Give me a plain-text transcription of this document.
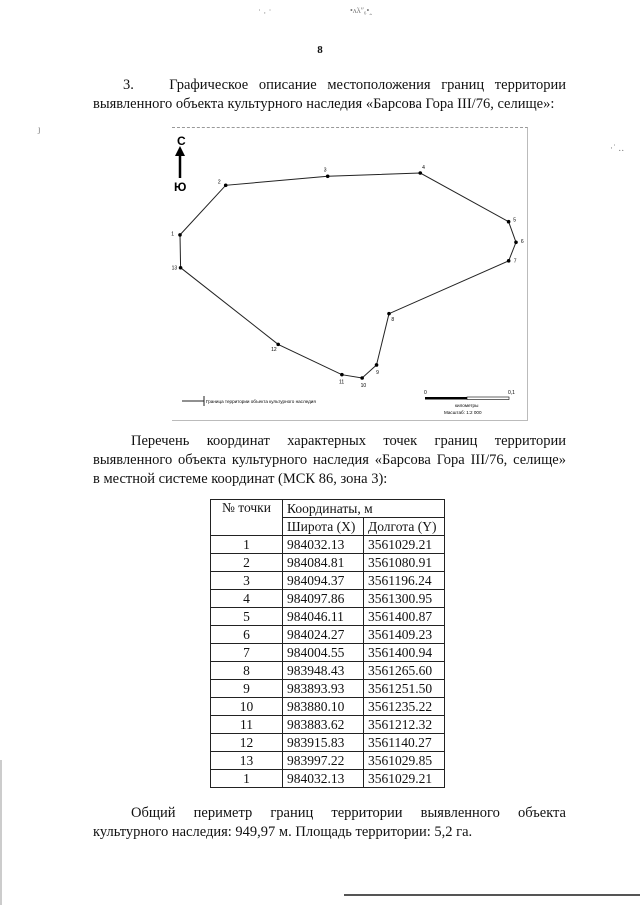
˙ · ˙	•ʌ̃ʌʺ₆•ꞈ
ȷ
·˙ ‥
8
3. Графическое описание местоположения границ территории
выявленного объекта культурного наследия «Барсова Гора III/76, селище»:
С
Ю
1
2
3	4
5
6
7
8
9
10
11
12
13
Граница территории объекта культурного наследия
0	0,1
километры
Масштаб: 1:2 000
Перечень координат характерных точек границ территории
выявленного объекта культурного наследия «Барсова Гора III/76, селище»
в местной системе координат (МСК 86, зона 3):
№ точки	Координаты, м	
	Широта (X)	Долгота (Y)
1	984032.13	3561029.21
2	984084.81	3561080.91
3	984094.37	3561196.24
4	984097.86	3561300.95
5	984046.11	3561400.87
6	984024.27	3561409.23
7	984004.55	3561400.94
8	983948.43	3561265.60
9	983893.93	3561251.50
10	983880.10	3561235.22
11	983883.62	3561212.32
12	983915.83	3561140.27
13	983997.22	3561029.85
1	984032.13	3561029.21
Общий периметр границ территории выявленного объекта
культурного наследия: 949,97 м. Площадь территории: 5,2 га.
